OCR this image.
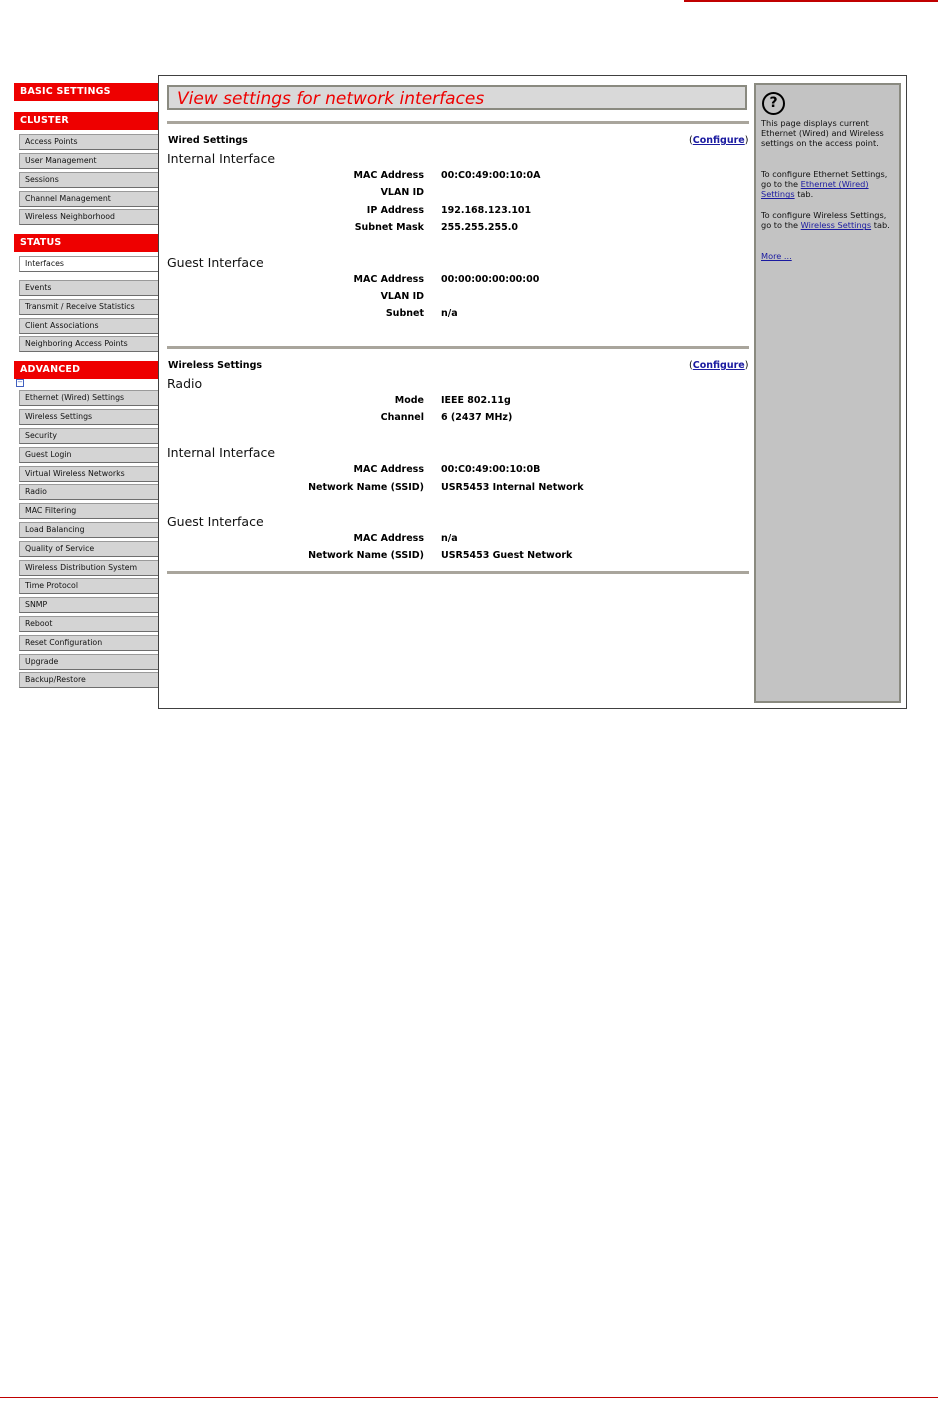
BASIC SETTINGS
CLUSTER
Access Points
User Management
Sessions
Channel Management
Wireless Neighborhood
STATUS
Interfaces
Events
Transmit / Receive Statistics
Client Associations
Neighboring Access Points
ADVANCED
−
Ethernet (Wired) Settings
Wireless Settings
Security
Guest Login
Virtual Wireless Networks
Radio
MAC Filtering
Load Balancing
Quality of Service
Wireless Distribution System
Time Protocol
SNMP
Reboot
Reset Configuration
Upgrade
Backup/Restore
View settings for network interfaces
Wired Settings	(Configure)
Internal Interface
MAC Address 00:C0:49:00:10:0A
VLAN ID
IP Address 192.168.123.101
Subnet Mask 255.255.255.0
Guest Interface
MAC Address 00:00:00:00:00:00
VLAN ID
Subnet n/a
Wireless Settings	(Configure)
Radio
Mode IEEE 802.11g
Channel 6 (2437 MHz)
Internal Interface
MAC Address 00:C0:49:00:10:0B
Network Name (SSID) USR5453 Internal Network
Guest Interface
MAC Address n/a
Network Name (SSID) USR5453 Guest Network
?
This page displays current Ethernet (Wired) and Wireless settings on the access point.
To configure Ethernet Settings, go to the Ethernet (Wired) Settings tab.
To configure Wireless Settings, go to the Wireless Settings tab.
More ...
